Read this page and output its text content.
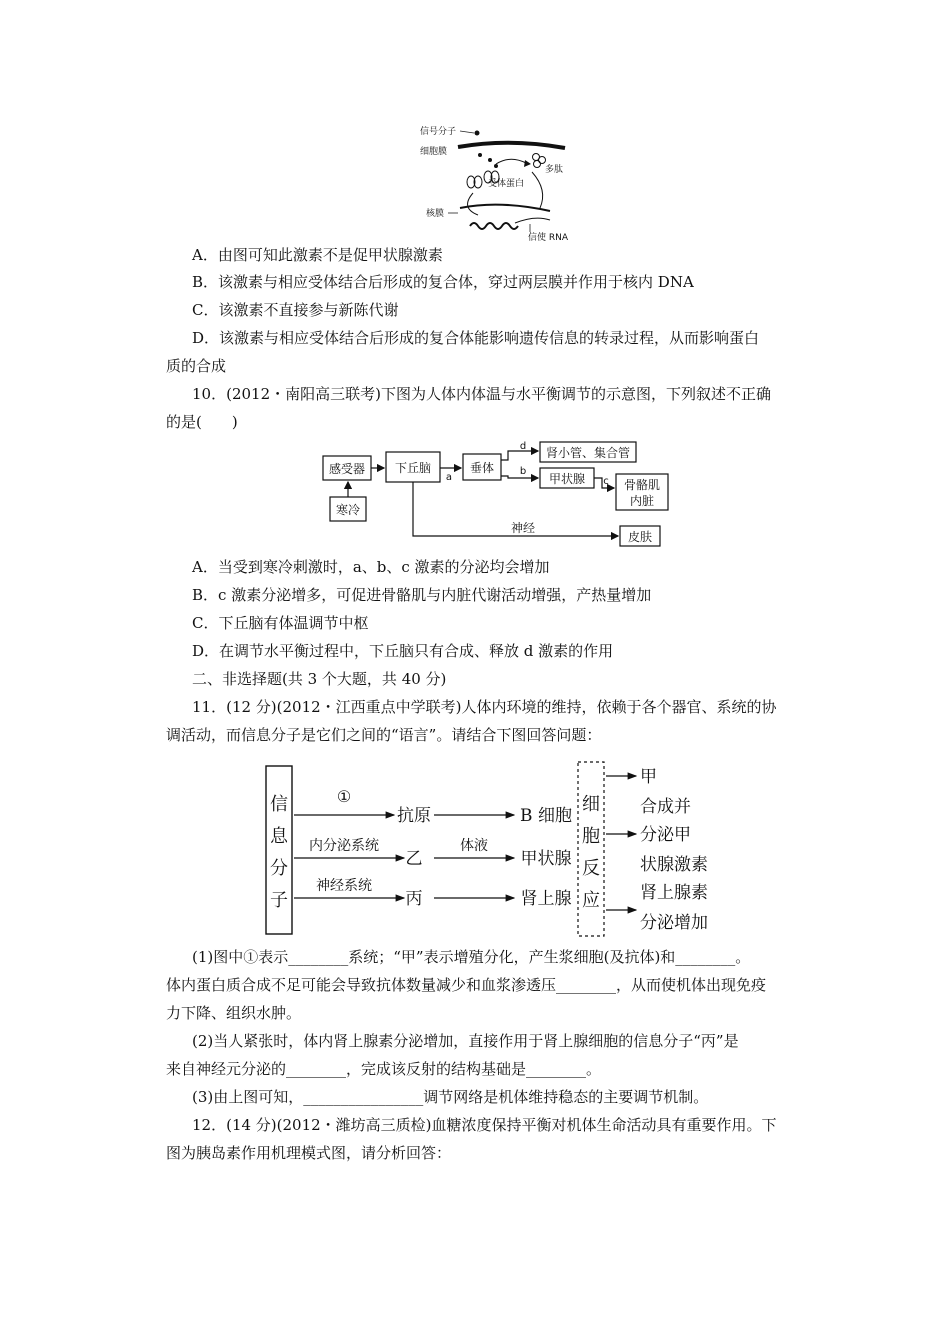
信号分子
细胞膜
受体蛋白
多肽
核膜
信使 RNA
A．由图可知此激素不是促甲状腺激素
B．该激素与相应受体结合后形成的复合体，穿过两层膜并作用于核内 DNA
C．该激素不直接参与新陈代谢
D．该激素与相应受体结合后形成的复合体能影响遗传信息的转录过程，从而影响蛋白
质的合成
10．(2012・南阳高三联考)下图为人体内体温与水平衡调节的示意图，下列叙述不正确
的是(　　)
感受器
寒冷
下丘脑
a
垂体
d
b
肾小管、集合管
甲状腺 c 骨骼肌
内脏
神经
皮肤
A．当受到寒冷刺激时，a、b、c 激素的分泌均会增加
B．c 激素分泌增多，可促进骨骼肌与内脏代谢活动增强，产热量增加
C．下丘脑有体温调节中枢
D．在调节水平衡过程中，下丘脑只有合成、释放 d 激素的作用
二、非选择题(共 3 个大题，共 40 分)
11．(12 分)(2012・江西重点中学联考)人体内环境的维持，依赖于各个器官、系统的协
调活动，而信息分子是它们之间的“语言”。请结合下图回答问题：
信
息
分
子
①
抗原	B 细胞
内分泌系统
乙
体液
甲状腺
神经系统
丙	肾上腺
细
胞
反
应
甲
合成并
分泌甲
状腺激素
肾上腺素
分泌增加
(1)图中①表示________系统；“甲”表示增殖分化，产生浆细胞(及抗体)和________。
体内蛋白质合成不足可能会导致抗体数量减少和血浆渗透压________，从而使机体出现免疫
力下降、组织水肿。
(2)当人紧张时，体内肾上腺素分泌增加，直接作用于肾上腺细胞的信息分子“丙”是
来自神经元分泌的________，完成该反射的结构基础是________。
(3)由上图可知，________________调节网络是机体维持稳态的主要调节机制。
12．(14 分)(2012・潍坊高三质检)血糖浓度保持平衡对机体生命活动具有重要作用。下
图为胰岛素作用机理模式图，请分析回答：
